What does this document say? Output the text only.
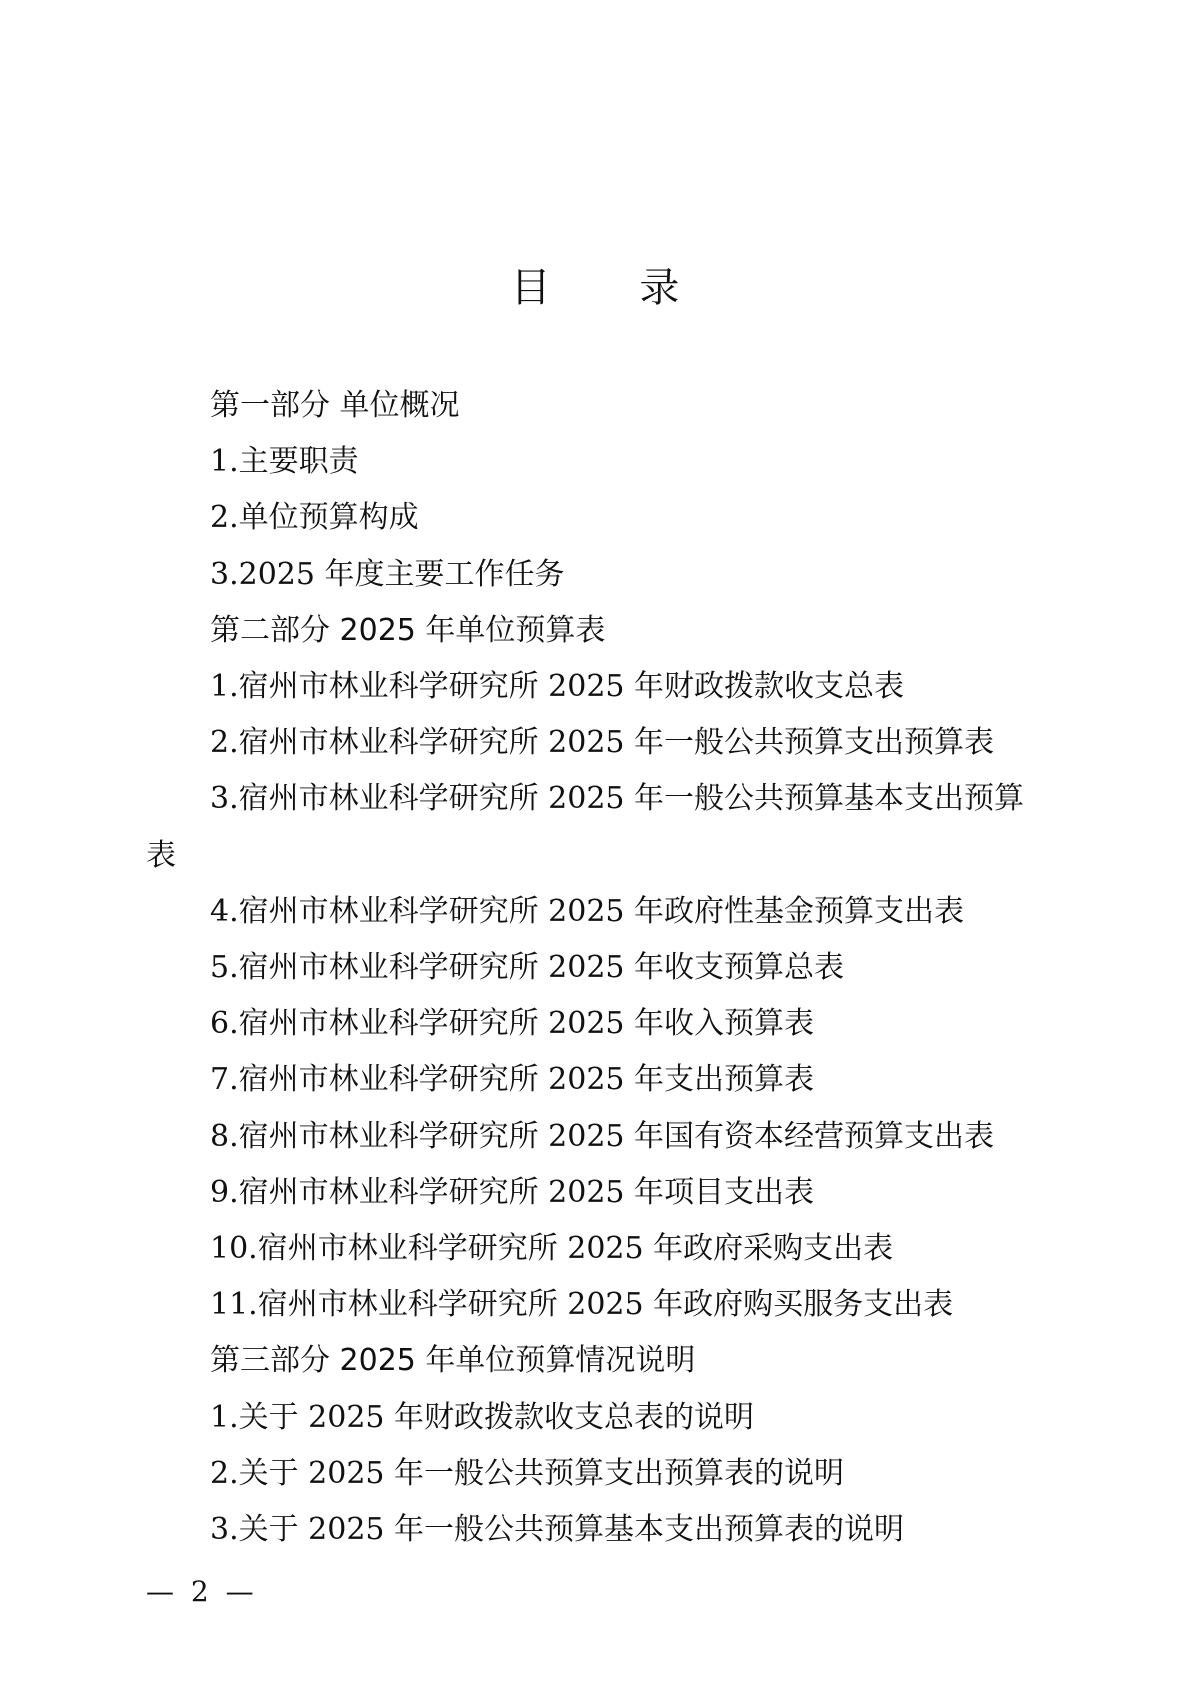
目 录
第一部分 单位概况
1.主要职责
2.单位预算构成
3.2025 年度主要工作任务
第二部分 2025 年单位预算表
1.宿州市林业科学研究所 2025 年财政拨款收支总表
2.宿州市林业科学研究所 2025 年一般公共预算支出预算表
3.宿州市林业科学研究所 2025 年一般公共预算基本支出预算表
4.宿州市林业科学研究所 2025 年政府性基金预算支出表
5.宿州市林业科学研究所 2025 年收支预算总表
6.宿州市林业科学研究所 2025 年收入预算表
7.宿州市林业科学研究所 2025 年支出预算表
8.宿州市林业科学研究所 2025 年国有资本经营预算支出表
9.宿州市林业科学研究所 2025 年项目支出表
10.宿州市林业科学研究所 2025 年政府采购支出表
11.宿州市林业科学研究所 2025 年政府购买服务支出表
第三部分 2025 年单位预算情况说明
1.关于 2025 年财政拨款收支总表的说明
2.关于 2025 年一般公共预算支出预算表的说明
3.关于 2025 年一般公共预算基本支出预算表的说明
— 2 —
